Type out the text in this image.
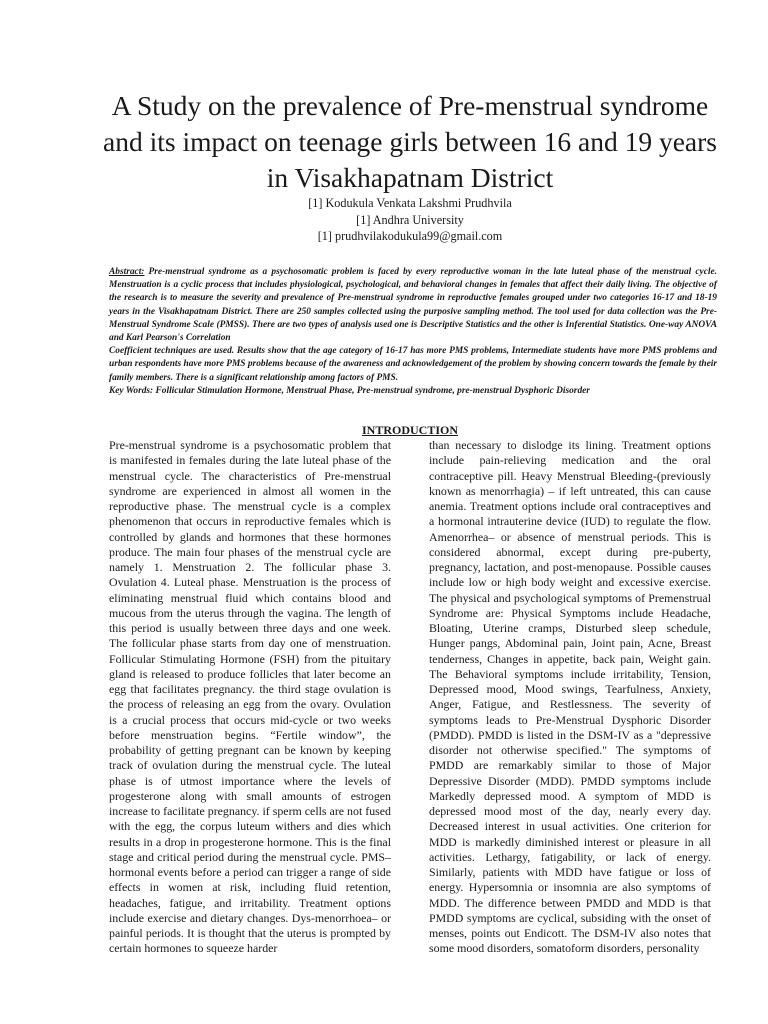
A Study on the prevalence of Pre-menstrual syndrome and its impact on teenage girls between 16 and 19 years in Visakhapatnam District
[1] Kodukula Venkata Lakshmi Prudhvila
[1] Andhra University
[1] prudhvilakodukula99@gmail.com

Abstract: Pre-menstrual syndrome as a psychosomatic problem is faced by every reproductive woman in the late luteal phase of the menstrual cycle. Menstruation is a cyclic process that includes physiological, psychological, and behavioral changes in females that affect their daily living. The objective of the research is to measure the severity and prevalence of Pre-menstrual syndrome in reproductive females grouped under two categories 16-17 and 18-19 years in the Visakhapatnam District. There are 250 samples collected using the purposive sampling method. The tool used for data collection was the Pre-Menstrual Syndrome Scale (PMSS). There are two types of analysis used one is Descriptive Statistics and the other is Inferential Statistics. One-way ANOVA and Karl Pearson's Correlation

Coefficient techniques are used. Results show that the age category of 16-17 has more PMS problems, Intermediate students have more PMS problems and urban respondents have more PMS problems because of the awareness and acknowledgement of the problem by showing concern towards the female by their family members. There is a significant relationship among factors of PMS.

Key Words: Follicular Stimulation Hormone, Menstrual Phase, Pre-menstrual syndrome, pre-menstrual Dysphoric Disorder

INTRODUCTION

Pre-menstrual syndrome is a psychosomatic problem that is manifested in females during the late luteal phase of the menstrual cycle. The characteristics of Pre-menstrual syndrome are experienced in almost all women in the reproductive phase. The menstrual cycle is a complex phenomenon that occurs in reproductive females which is controlled by glands and hormones that these hormones produce. The main four phases of the menstrual cycle are namely 1. Menstruation 2. The follicular phase 3. Ovulation 4. Luteal phase. Menstruation is the process of eliminating menstrual fluid which contains blood and mucous from the uterus through the vagina. The length of this period is usually between three days and one week. The follicular phase starts from day one of menstruation. Follicular Stimulating Hormone (FSH) from the pituitary gland is released to produce follicles that later become an egg that facilitates pregnancy. the third stage ovulation is the process of releasing an egg from the ovary. Ovulation is a crucial process that occurs mid-cycle or two weeks before menstruation begins. “Fertile window”, the probability of getting pregnant can be known by keeping track of ovulation during the menstrual cycle. The luteal phase is of utmost importance where the levels of progesterone along with small amounts of estrogen increase to facilitate pregnancy. if sperm cells are not fused with the egg, the corpus luteum withers and dies which results in a drop in progesterone hormone. This is the final stage and critical period during the menstrual cycle. PMS– hormonal events before a period can trigger a range of side effects in women at risk, including fluid retention, headaches, fatigue, and irritability. Treatment options include exercise and dietary changes. Dys-menorrhoea– or painful periods. It is thought that the uterus is prompted by certain hormones to squeeze harder

than necessary to dislodge its lining. Treatment options include pain-relieving medication and the oral contraceptive pill. Heavy Menstrual Bleeding-(previously known as menorrhagia) – if left untreated, this can cause anemia. Treatment options include oral contraceptives and a hormonal intrauterine device (IUD) to regulate the flow. Amenorrhea– or absence of menstrual periods. This is considered abnormal, except during pre-puberty, pregnancy, lactation, and post-menopause. Possible causes include low or high body weight and excessive exercise. The physical and psychological symptoms of Premenstrual Syndrome are: Physical Symptoms include Headache, Bloating, Uterine cramps, Disturbed sleep schedule, Hunger pangs, Abdominal pain, Joint pain, Acne, Breast tenderness, Changes in appetite, back pain, Weight gain. The Behavioral symptoms include irritability, Tension, Depressed mood, Mood swings, Tearfulness, Anxiety, Anger, Fatigue, and Restlessness. The severity of symptoms leads to Pre-Menstrual Dysphoric Disorder (PMDD). PMDD is listed in the DSM-IV as a "depressive disorder not otherwise specified." The symptoms of PMDD are remarkably similar to those of Major Depressive Disorder (MDD). PMDD symptoms include Markedly depressed mood. A symptom of MDD is depressed mood most of the day, nearly every day. Decreased interest in usual activities. One criterion for MDD is markedly diminished interest or pleasure in all activities. Lethargy, fatigability, or lack of energy. Similarly, patients with MDD have fatigue or loss of energy. Hypersomnia or insomnia are also symptoms of MDD. The difference between PMDD and MDD is that PMDD symptoms are cyclical, subsiding with the onset of menses, points out Endicott. The DSM-IV also notes that some mood disorders, somatoform disorders, personality
